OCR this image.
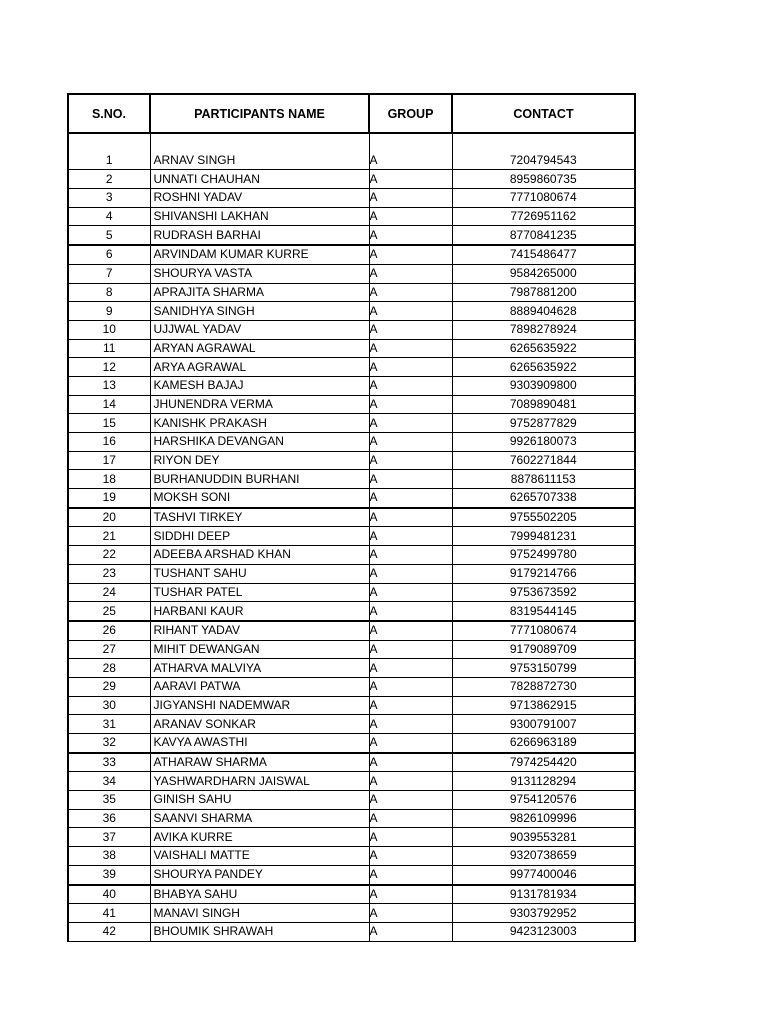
S.NO.	PARTICIPANTS NAME	GROUP	CONTACT

1	ARNAV SINGH	A	7204794543
2	UNNATI CHAUHAN	A	8959860735
3	ROSHNI YADAV	A	7771080674
4	SHIVANSHI LAKHAN	A	7726951162
5	RUDRASH BARHAI	A	8770841235
6	ARVINDAM KUMAR KURRE	A	7415486477
7	SHOURYA VASTA	A	9584265000
8	APRAJITA SHARMA	A	7987881200
9	SANIDHYA SINGH	A	8889404628
10	UJJWAL YADAV	A	7898278924
11	ARYAN AGRAWAL	A	6265635922
12	ARYA AGRAWAL	A	6265635922
13	KAMESH BAJAJ	A	9303909800
14	JHUNENDRA VERMA	A	7089890481
15	KANISHK PRAKASH	A	9752877829
16	HARSHIKA DEVANGAN	A	9926180073
17	RIYON DEY	A	7602271844
18	BURHANUDDIN BURHANI	A	8878611153
19	MOKSH SONI	A	6265707338
20	TASHVI TIRKEY	A	9755502205
21	SIDDHI DEEP	A	7999481231
22	ADEEBA ARSHAD KHAN	A	9752499780
23	TUSHANT SAHU	A	9179214766
24	TUSHAR PATEL	A	9753673592
25	HARBANI KAUR	A	8319544145
26	RIHANT YADAV	A	7771080674
27	MIHIT DEWANGAN	A	9179089709
28	ATHARVA MALVIYA	A	9753150799
29	AARAVI PATWA	A	7828872730
30	JIGYANSHI NADEMWAR	A	9713862915
31	ARANAV SONKAR	A	9300791007
32	KAVYA AWASTHI	A	6266963189
33	ATHARAW SHARMA	A	7974254420
34	YASHWARDHARN JAISWAL	A	9131128294
35	GINISH SAHU	A	9754120576
36	SAANVI SHARMA	A	9826109996
37	AVIKA KURRE	A	9039553281
38	VAISHALI MATTE	A	9320738659
39	SHOURYA PANDEY	A	9977400046
40	BHABYA SAHU	A	9131781934
41	MANAVI SINGH	A	9303792952
42	BHOUMIK SHRAWAH	A	9423123003
